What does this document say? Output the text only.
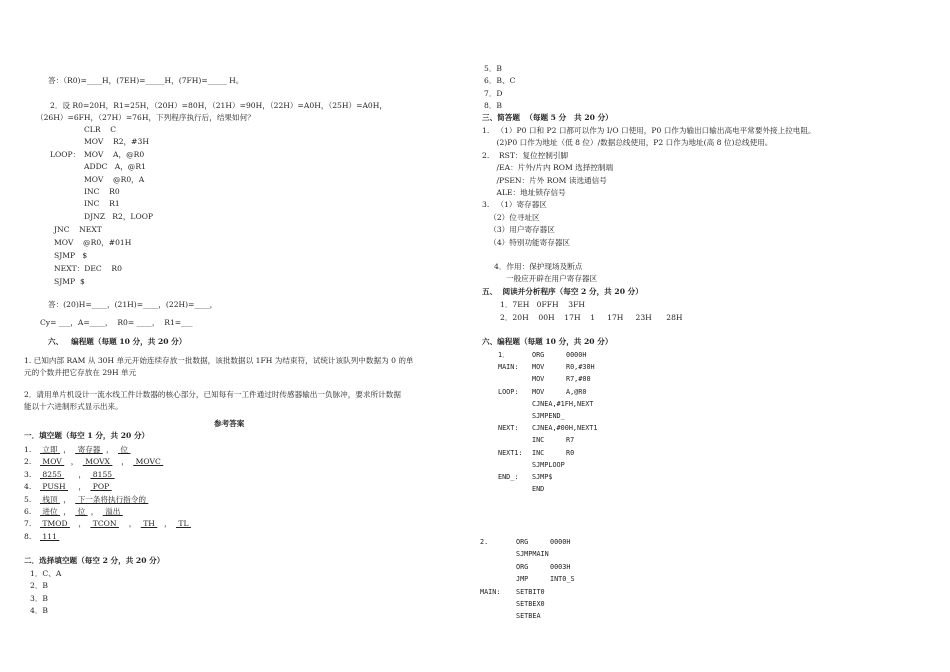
答：（R0)=____H，(7EH)=_____H，(7FH)=_____ H。
2．设 R0=20H，R1=25H，（20H）=80H，（21H）=90H，（22H）=A0H，（25H）=A0H，
（26H）=6FH，（27H）=76H，下列程序执行后，结果如何？
CLR    C
MOV    R2，#3H
LOOP： MOV    A，@R0
ADDC   A，@R1
MOV    @R0，A
INC    R0
INC    R1
DJNZ   R2，LOOP
JNC    NEXT
MOV    @R0，#01H
SJMP   $
NEXT：DEC    R0
SJMP  $
答：(20)H=____，(21H)=____，(22H)=____，
Cy= ___，A=____，  R0= ____，  R1=___
六、   编程题（每题 10 分，共 20 分）
1. 已知内部 RAM 从 30H 单元开始连续存放一批数据，该批数据以 1FH 为结束符，试统计该队列中数据为 0 的单
元的个数并把它存放在 29H 单元
2．请用单片机设计一流水线工件计数器的核心部分，已知每有一工件通过时传感器输出一负脉冲，要求所计数据
能以十六进制形式显示出来。
参考答案
一．填空题（每空 1 分，共 20 分）
1. 立即 ， 寄存器 ， 位
2. MOV ， MOVX ， MOVC
3. 8255 ， 8155
4. PUSH ， POP
5. 栈顶 ， 下一条将执行指令的
6. 进位 ， 位 ， 溢出
7. TMOD ， TCON ， TH ， TL
8. 111
二．选择填空题（每空 2 分，共 20 分）
1．C、A
2．B
3．B
4．B
5．B
6．B、C
7．D
8．B
三、简答题  （每题 5 分   共 20 分）
1.   （1）P0 口和 P2 口都可以作为 I/O 口使用，P0 口作为输出口输出高电平常要外接上拉电阻。
(2)P0 口作为地址（低 8 位）/数据总线使用，P2 口作为地址(高 8 位)总线使用。
2.    RST：复位控制引脚
/EA：片外/片内 ROM 选择控制端
/PSEN：片外 ROM 读选通信号
ALE：地址锁存信号
3.   （1）寄存器区
（2）位寻址区
（3）用户寄存器区
（4）特别功能寄存器区
4．作用：保护现场及断点
一般应开辟在用户寄存器区
五、  阅读并分析程序（每空 2 分，共 20 分）
1．7EH   0FFH    3FH
2．20H    00H    17H    1     17H     23H      28H
六、编程题（每题 10 分，共 20 分）
1．	ORG	0000H
MAIN: MOV	R0,#30H
MOV	R7,#00
LOOP: MOV	A,@R0
CJNEA,#1FH,NEXT
SJMPEND_
NEXT: CJNEA,#00H,NEXT1
INC	R7
NEXT1: INC	R0
SJMPLOOP
END_: SJMP$
END
2.	ORG	0000H
SJMPMAIN
ORG	0003H
JMP	INT0_S
MAIN: SETBIT0
SETBEX0
SETBEA
